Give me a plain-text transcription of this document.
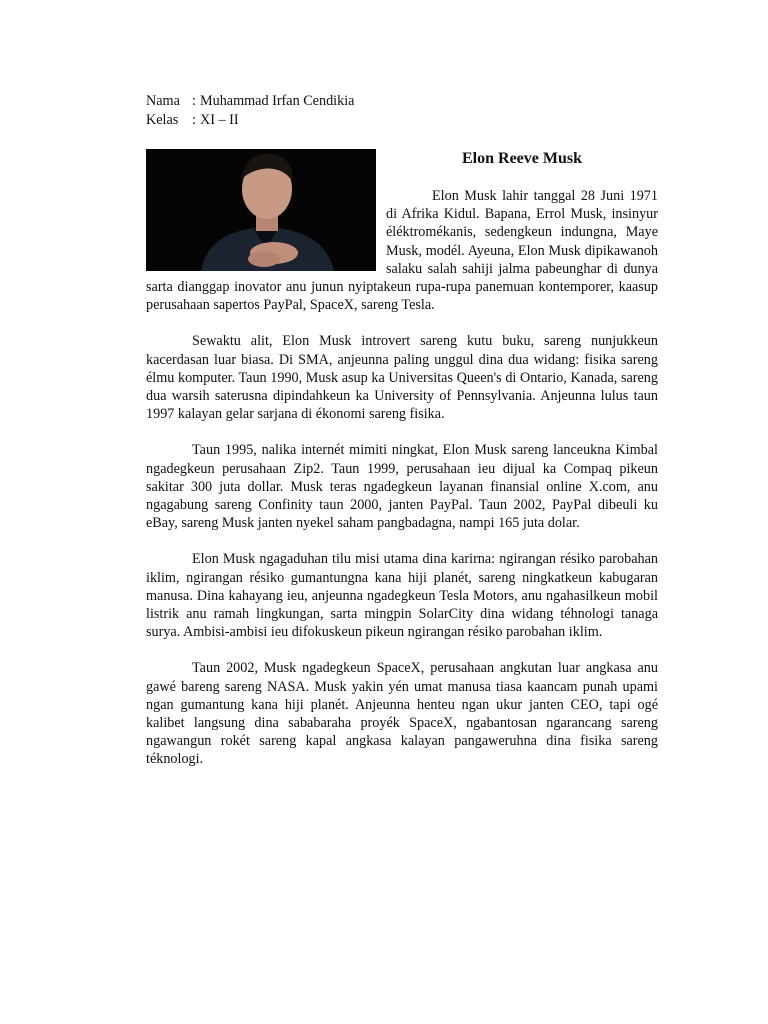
Nama : Muhammad Irfan Cendikia
Kelas : XI – II
Elon Reeve Musk

Elon Musk lahir tanggal 28 Juni 1971 di Afrika Kidul. Bapana, Errol Musk, insinyur éléktromékanis, sedengkeun indungna, Maye Musk, modél. Ayeuna, Elon Musk dipikawanoh salaku salah sahiji jalma pabeunghar di dunya sarta dianggap inovator anu junun nyiptakeun rupa-rupa panemuan kontemporer, kaasup perusahaan sapertos PayPal, SpaceX, sareng Tesla.

Sewaktu alit, Elon Musk introvert sareng kutu buku, sareng nunjukkeun kacerdasan luar biasa. Di SMA, anjeunna paling unggul dina dua widang: fisika sareng élmu komputer. Taun 1990, Musk asup ka Universitas Queen's di Ontario, Kanada, sareng dua warsih saterusna dipindahkeun ka University of Pennsylvania. Anjeunna lulus taun 1997 kalayan gelar sarjana di ékonomi sareng fisika.

Taun 1995, nalika internét mimiti ningkat, Elon Musk sareng lanceukna Kimbal ngadegkeun perusahaan Zip2. Taun 1999, perusahaan ieu dijual ka Compaq pikeun sakitar 300 juta dollar. Musk teras ngadegkeun layanan finansial online X.com, anu ngagabung sareng Confinity taun 2000, janten PayPal. Taun 2002, PayPal dibeuli ku eBay, sareng Musk janten nyekel saham pangbadagna, nampi 165 juta dolar.

Elon Musk ngagaduhan tilu misi utama dina karirna: ngirangan résiko parobahan iklim, ngirangan résiko gumantungna kana hiji planét, sareng ningkatkeun kabugaran manusa. Dina kahayang ieu, anjeunna ngadegkeun Tesla Motors, anu ngahasilkeun mobil listrik anu ramah lingkungan, sarta mingpin SolarCity dina widang téhnologi tanaga surya. Ambisi-ambisi ieu difokuskeun pikeun ngirangan résiko parobahan iklim.

Taun 2002, Musk ngadegkeun SpaceX, perusahaan angkutan luar angkasa anu gawé bareng sareng NASA. Musk yakin yén umat manusa tiasa kaancam punah upami ngan gumantung kana hiji planét. Anjeunna henteu ngan ukur janten CEO, tapi ogé kalibet langsung dina sababaraha proyék SpaceX, ngabantosan ngarancang sareng ngawangun rokét sareng kapal angkasa kalayan pangaweruhna dina fisika sareng téknologi.
